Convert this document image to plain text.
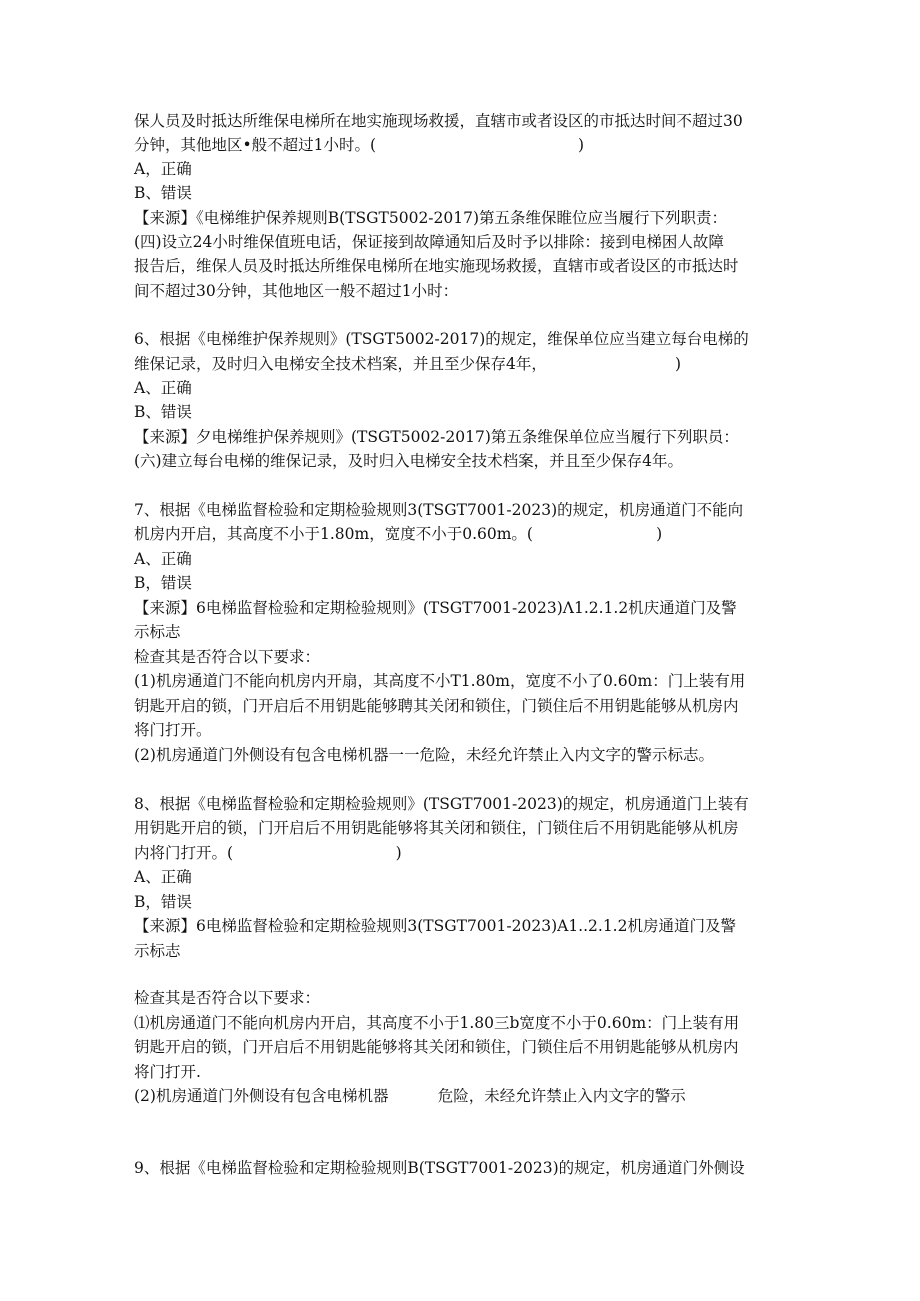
保人员及时抵达所维保电梯所在地实施现场救援，直辖市或者设区的市抵达时间不超过30
分钟，其他地区•般不超过1小时。(                                         )
A，正确
B、错误
【来源】《电梯维护保养规则B(TSGT5002-2017)第五条维保睢位应当履行下列职责：
(四)设立24小时维保值班电话，保证接到故障通知后及时予以排除：接到电梯困人故障
报告后，维保人员及时抵达所维保电梯所在地实施现场救援，直辖市或者设区的市抵达时
间不超过30分钟，其他地区一般不超过1小时：
6、根据《电梯维护保养规则》(TSGT5002-2017)的规定，维保单位应当建立每台电梯的
维保记录，及时归入电梯安全技术档案，并且至少保存4年，                          )
A、正确
B、错误
【来源】夕电梯维护保养规则》(TSGT5002-2017)第五条维保单位应当履行下列职员：
(六)建立每台电梯的维保记录，及时归入电梯安全技术档案，并且至少保存4年。
7、根据《电梯监督检验和定期检验规则3(TSGT7001-2023)的规定，机房通道门不能向
机房内开启，其高度不小于1.80m，宽度不小于0.60m。(                         )
A、正确
B，错误
【来源】6电梯监督检验和定期检验规则》(TSGT7001-2023)Λ1.2.1.2机庆通道门及警
示标志
检查其是否符合以下要求：
(1)机房通道门不能向机房内开扇，其高度不小T1.80m，宽度不小了0.60m：门上装有用
钥匙开启的锁，门开启后不用钥匙能够聘其关闭和锁住，门锁住后不用钥匙能够从机房内
将门打开。
(2)机房通道门外侧设有包含电梯机器一一危险，未经允许禁止入内文字的警示标志。
8、根据《电梯监督检验和定期检验规则》(TSGT7001-2023)的规定，机房通道门上装有
用钥匙开启的锁，门开启后不用钥匙能够将其关闭和锁住，门锁住后不用钥匙能够从机房
内将门打开。(                                 )
A、正确
B，错误
【来源】6电梯监督检验和定期检验规则3(TSGT7001-2023)A1..2.1.2机房通道门及警
示标志
检查其是否符合以下要求：
⑴机房通道门不能向机房内开启，其高度不小于1.80三b宽度不小于0.60m：门上装有用
钥匙开启的锁，门开启后不用钥匙能够将其关闭和锁住，门锁住后不用钥匙能够从机房内
将门打开.
(2)机房通道门外侧设有包含电梯机器          危险，未经允许禁止入内文字的警示
9、根据《电梯监督检验和定期检验规则B(TSGT7001-2023)的规定，机房通道门外侧设
